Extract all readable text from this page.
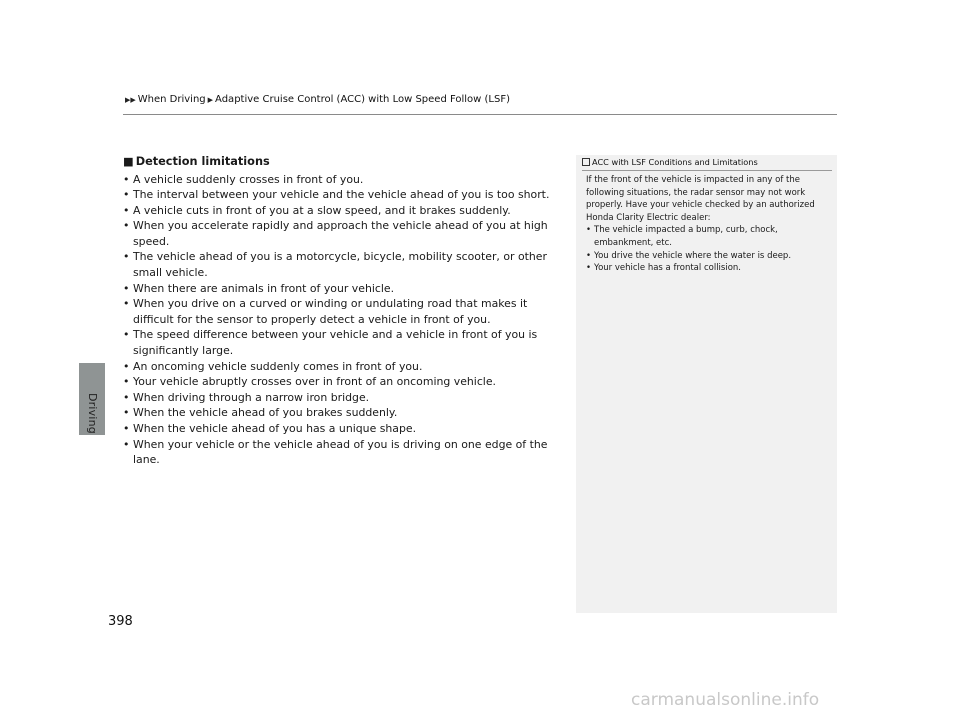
▶▶ When Driving ▶ Adaptive Cruise Control (ACC) with Low Speed Follow (LSF)
Driving
398
■ Detection limitations
• A vehicle suddenly crosses in front of you.
• The interval between your vehicle and the vehicle ahead of you is too short.
• A vehicle cuts in front of you at a slow speed, and it brakes suddenly.
• When you accelerate rapidly and approach the vehicle ahead of you at high speed.
• The vehicle ahead of you is a motorcycle, bicycle, mobility scooter, or other small vehicle.
• When there are animals in front of your vehicle.
• When you drive on a curved or winding or undulating road that makes it difficult for the sensor to properly detect a vehicle in front of you.
• The speed difference between your vehicle and a vehicle in front of you is significantly large.
• An oncoming vehicle suddenly comes in front of you.
• Your vehicle abruptly crosses over in front of an oncoming vehicle.
• When driving through a narrow iron bridge.
• When the vehicle ahead of you brakes suddenly.
• When the vehicle ahead of you has a unique shape.
• When your vehicle or the vehicle ahead of you is driving on one edge of the lane.
ACC with LSF Conditions and Limitations

If the front of the vehicle is impacted in any of the following situations, the radar sensor may not work properly. Have your vehicle checked by an authorized Honda Clarity Electric dealer:

• The vehicle impacted a bump, curb, chock, embankment, etc.
• You drive the vehicle where the water is deep.
• Your vehicle has a frontal collision.
carmanualsonline.info
